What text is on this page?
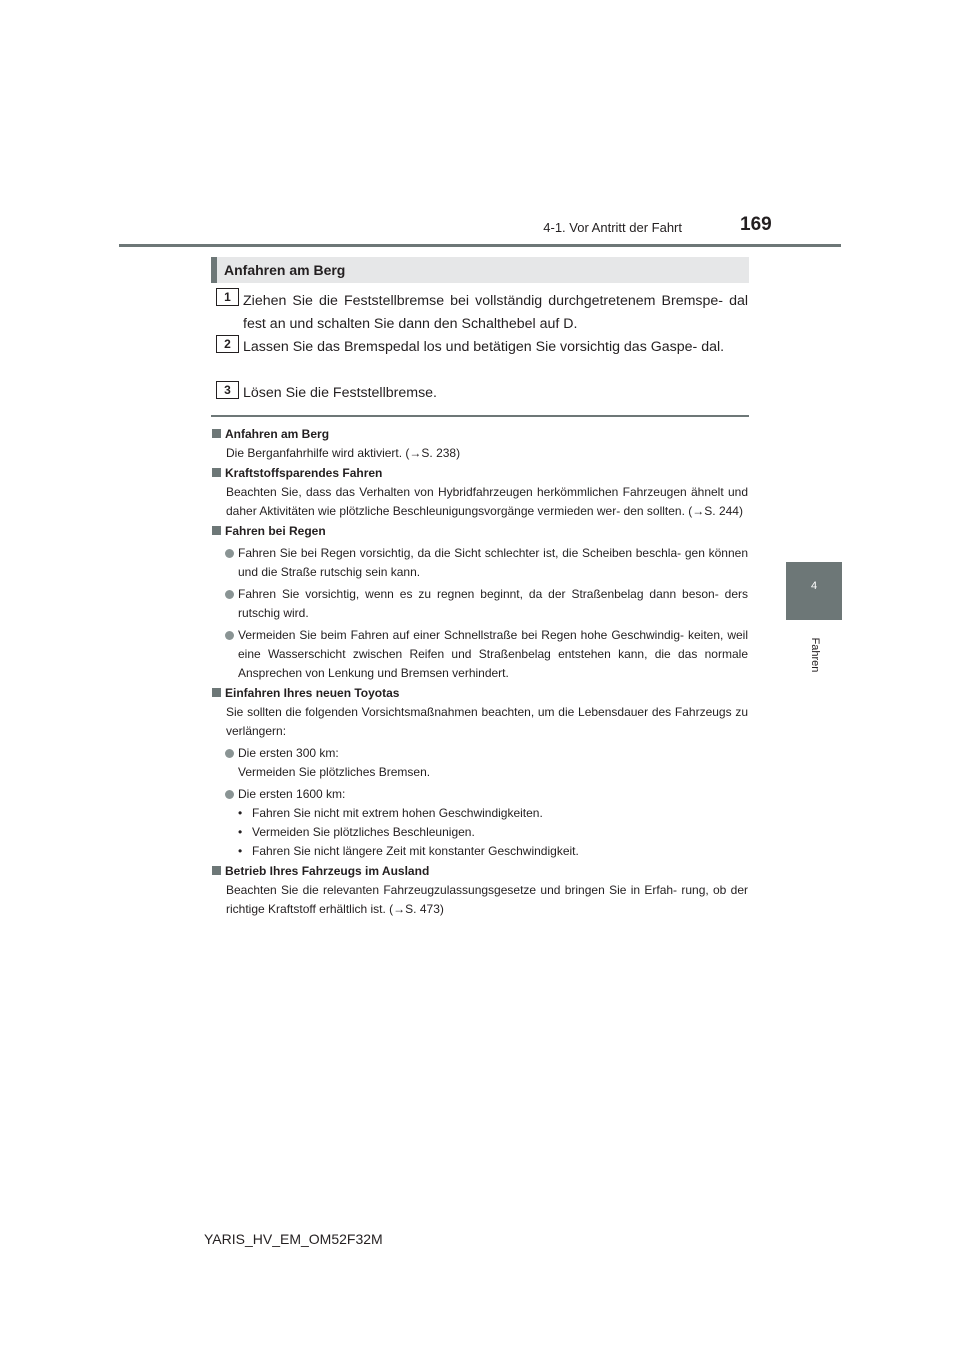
4-1. Vor Antritt der Fahrt	169
4
Fahren
Anfahren am Berg
1 Ziehen Sie die Feststellbremse bei vollständig durchgetretenem Bremspe- dal fest an und schalten Sie dann den Schalthebel auf D.
2 Lassen Sie das Bremspedal los und betätigen Sie vorsichtig das Gaspe- dal.
3 Lösen Sie die Feststellbremse.
Anfahren am Berg
Die Berganfahrhilfe wird aktiviert. (→S. 238)
Kraftstoffsparendes Fahren
Beachten Sie, dass das Verhalten von Hybridfahrzeugen herkömmlichen Fahrzeugen ähnelt und daher Aktivitäten wie plötzliche Beschleunigungsvorgänge vermieden wer- den sollten. (→S. 244)
Fahren bei Regen
Fahren Sie bei Regen vorsichtig, da die Sicht schlechter ist, die Scheiben beschla- gen können und die Straße rutschig sein kann.
Fahren Sie vorsichtig, wenn es zu regnen beginnt, da der Straßenbelag dann beson- ders rutschig wird.
Vermeiden Sie beim Fahren auf einer Schnellstraße bei Regen hohe Geschwindig- keiten, weil eine Wasserschicht zwischen Reifen und Straßenbelag entstehen kann, die das normale Ansprechen von Lenkung und Bremsen verhindert.
Einfahren Ihres neuen Toyotas
Sie sollten die folgenden Vorsichtsmaßnahmen beachten, um die Lebensdauer des Fahrzeugs zu verlängern:
Die ersten 300 km:
Vermeiden Sie plötzliches Bremsen.
Die ersten 1600 km:
• Fahren Sie nicht mit extrem hohen Geschwindigkeiten.
• Vermeiden Sie plötzliches Beschleunigen.
• Fahren Sie nicht längere Zeit mit konstanter Geschwindigkeit.
Betrieb Ihres Fahrzeugs im Ausland
Beachten Sie die relevanten Fahrzeugzulassungsgesetze und bringen Sie in Erfah- rung, ob der richtige Kraftstoff erhältlich ist. (→S. 473)
YARIS_HV_EM_OM52F32M
